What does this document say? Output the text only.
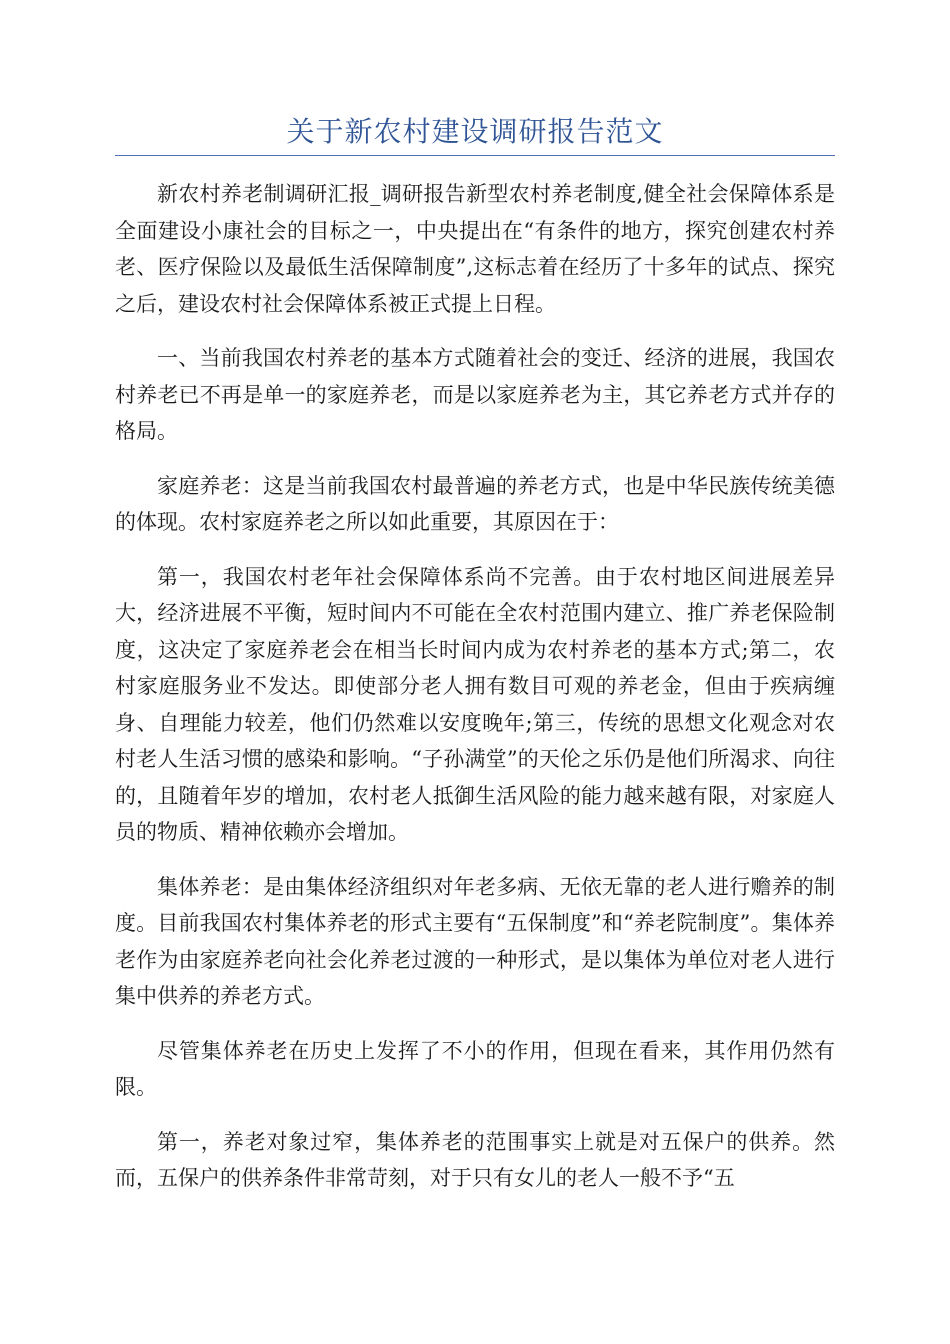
关于新农村建设调研报告范文

新农村养老制调研汇报_调研报告新型农村养老制度,健全社会保障体系是全面建设小康社会的目标之一，中央提出在“有条件的地方，探究创建农村养老、医疗保险以及最低生活保障制度”,这标志着在经历了十多年的试点、探究之后，建设农村社会保障体系被正式提上日程。

一、当前我国农村养老的基本方式随着社会的变迁、经济的进展，我国农村养老已不再是单一的家庭养老，而是以家庭养老为主，其它养老方式并存的格局。

家庭养老：这是当前我国农村最普遍的养老方式，也是中华民族传统美德的体现。农村家庭养老之所以如此重要，其原因在于：

第一，我国农村老年社会保障体系尚不完善。由于农村地区间进展差异大，经济进展不平衡，短时间内不可能在全农村范围内建立、推广养老保险制度，这决定了家庭养老会在相当长时间内成为农村养老的基本方式;第二，农村家庭服务业不发达。即使部分老人拥有数目可观的养老金，但由于疾病缠身、自理能力较差，他们仍然难以安度晚年;第三，传统的思想文化观念对农村老人生活习惯的感染和影响。“子孙满堂”的天伦之乐仍是他们所渴求、向往的，且随着年岁的增加，农村老人抵御生活风险的能力越来越有限，对家庭人员的物质、精神依赖亦会增加。

集体养老：是由集体经济组织对年老多病、无依无靠的老人进行赡养的制度。目前我国农村集体养老的形式主要有“五保制度”和“养老院制度”。集体养老作为由家庭养老向社会化养老过渡的一种形式，是以集体为单位对老人进行集中供养的养老方式。

尽管集体养老在历史上发挥了不小的作用，但现在看来，其作用仍然有限。

第一，养老对象过窄，集体养老的范围事实上就是对五保户的供养。然而，五保户的供养条件非常苛刻，对于只有女儿的老人一般不予“五
